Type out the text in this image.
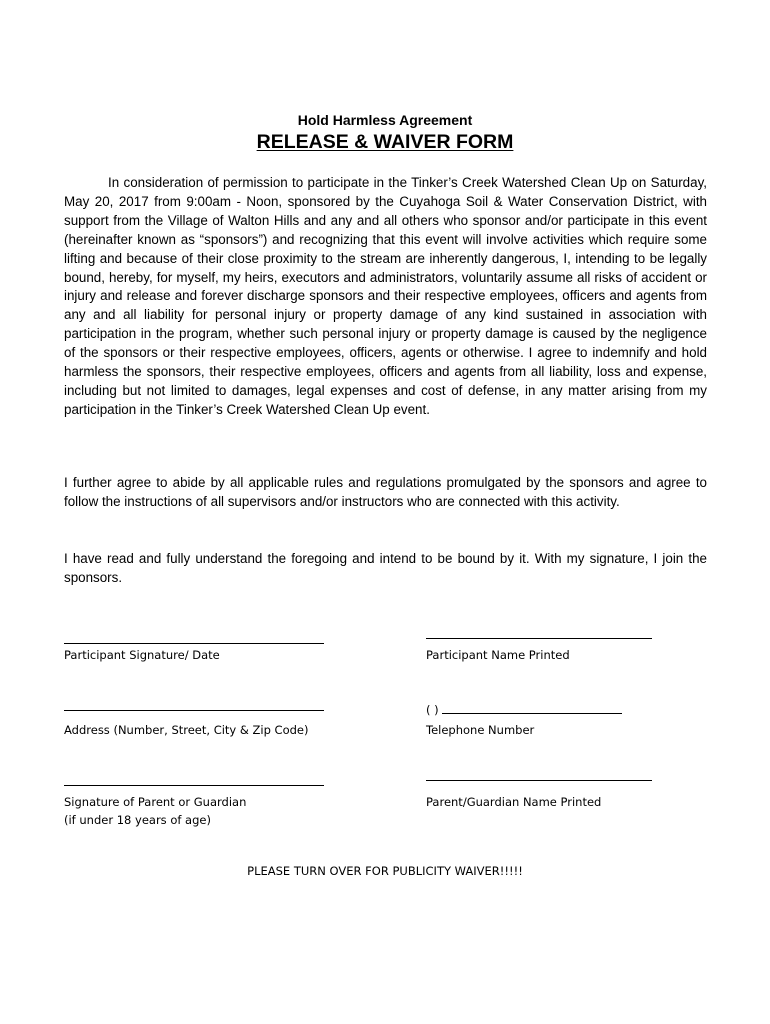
Hold Harmless Agreement
RELEASE & WAIVER FORM

In consideration of permission to participate in the Tinker’s Creek Watershed Clean Up on Saturday, May 20, 2017 from 9:00am - Noon, sponsored by the Cuyahoga Soil & Water Conservation District, with support from the Village of Walton Hills and any and all others who sponsor and/or participate in this event (hereinafter known as “sponsors”) and recognizing that this event will involve activities which require some lifting and because of their close proximity to the stream are inherently dangerous, I, intending to be legally bound, hereby, for myself, my heirs, executors and administrators, voluntarily assume all risks of accident or injury and release and forever discharge sponsors and their respective employees, officers and agents from any and all liability for personal injury or property damage of any kind sustained in association with participation in the program, whether such personal injury or property damage is caused by the negligence of the sponsors or their respective employees, officers, agents or otherwise. I agree to indemnify and hold harmless the sponsors, their respective employees, officers and agents from all liability, loss and expense, including but not limited to damages, legal expenses and cost of defense, in any matter arising from my participation in the Tinker’s Creek Watershed Clean Up event.

I further agree to abide by all applicable rules and regulations promulgated by the sponsors and agree to follow the instructions of all supervisors and/or instructors who are connected with this activity.

I have read and fully understand the foregoing and intend to be bound by it. With my signature, I join the sponsors.

Participant Signature/ Date	Participant Name Printed
Address (Number, Street, City & Zip Code)
( )
Telephone Number
Signature of Parent or Guardian
(if under 18 years of age)
Parent/Guardian Name Printed
PLEASE TURN OVER FOR PUBLICITY WAIVER!!!!!
